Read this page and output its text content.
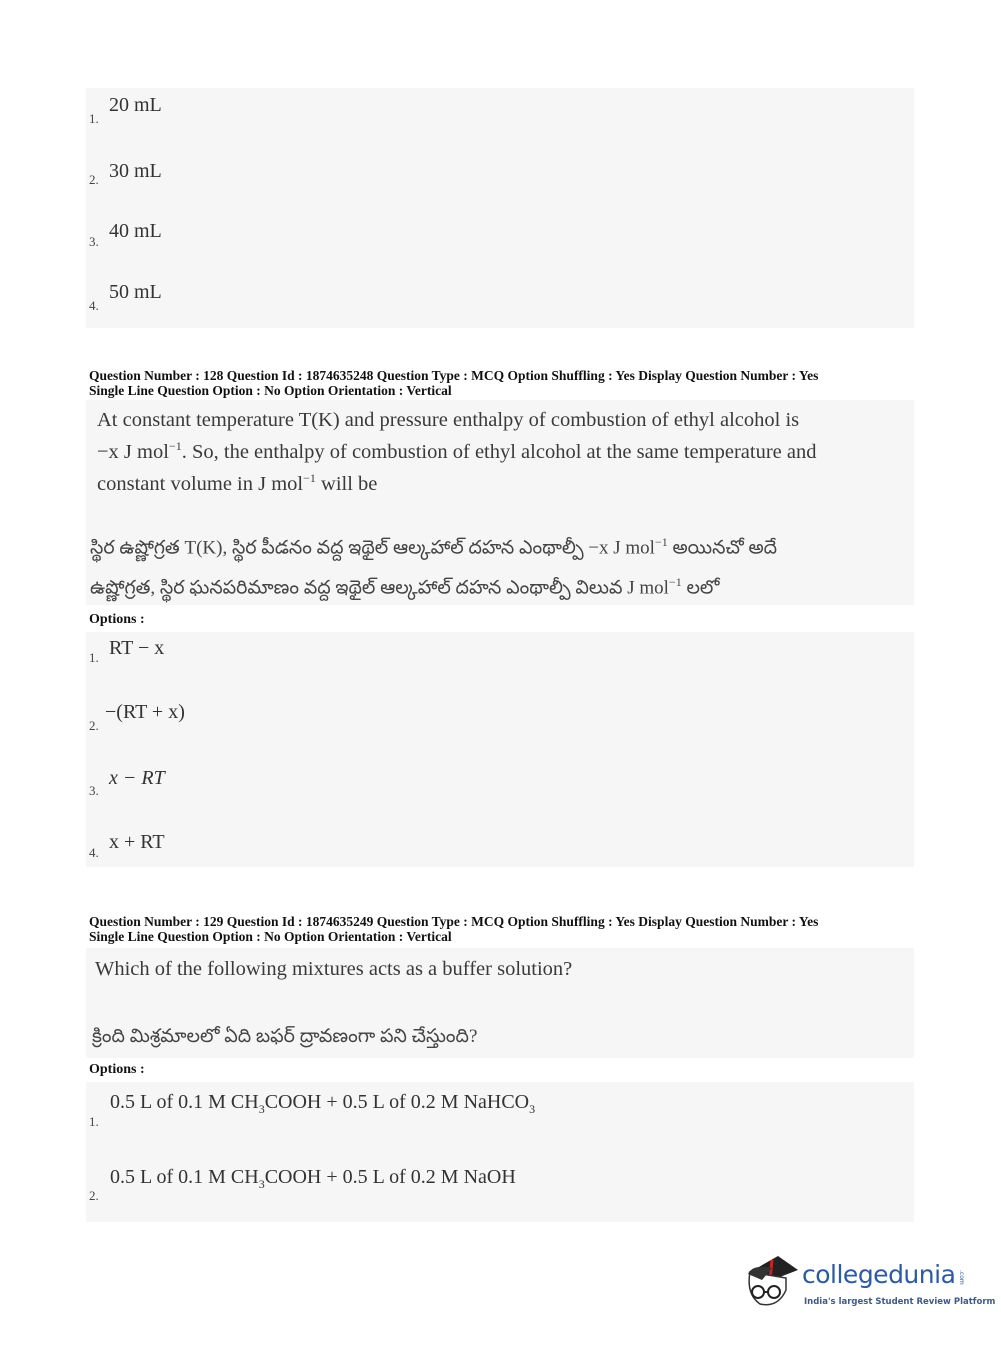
1.
20 mL
2. 30 mL
3. 40 mL
4.
50 mL
Question Number : 128 Question Id : 1874635248 Question Type : MCQ Option Shuffling : Yes Display Question Number : Yes
Single Line Question Option : No Option Orientation : Vertical
At constant temperature T(K) and pressure enthalpy of combustion of ethyl alcohol is
−x J mol$^{-1}$. So, the enthalpy of combustion of ethyl alcohol at the same temperature and
constant volume in J mol$^{-1}$ will be
స్థిర ఉష్ణోగ్రత T(K), స్థిర పీడనం వద్ద ఇథైల్ ఆల్కహాల్ దహన ఎంథాల్పీ −x J mol$^{-1}$ అయినచో అదే
ఉష్ణోగ్రత, స్థిర ఘనపరిమాణం వద్ద ఇథైల్ ఆల్కహాల్ దహన ఎంథాల్పీ విలువ J mol$^{-1}$ లలో
Options :
1. RT − x
2.
−(RT + x)
3.
x − RT
4. x + RT
Question Number : 129 Question Id : 1874635249 Question Type : MCQ Option Shuffling : Yes Display Question Number : Yes
Single Line Question Option : No Option Orientation : Vertical
Which of the following mixtures acts as a buffer solution?
క్రింది మిశ్రమాలలో ఏది బఫర్ ద్రావణంగా పని చేస్తుంది?
Options :
1.
0.5 L of 0.1 M $CH_3COOH + 0.5$ L of 0.2 M NaHCO$_3$
2.
0.5 L of 0.1 M $CH_3COOH + 0.5$ L of 0.2 M NaOH
collegedunia .com
India's largest Student Review Platform
